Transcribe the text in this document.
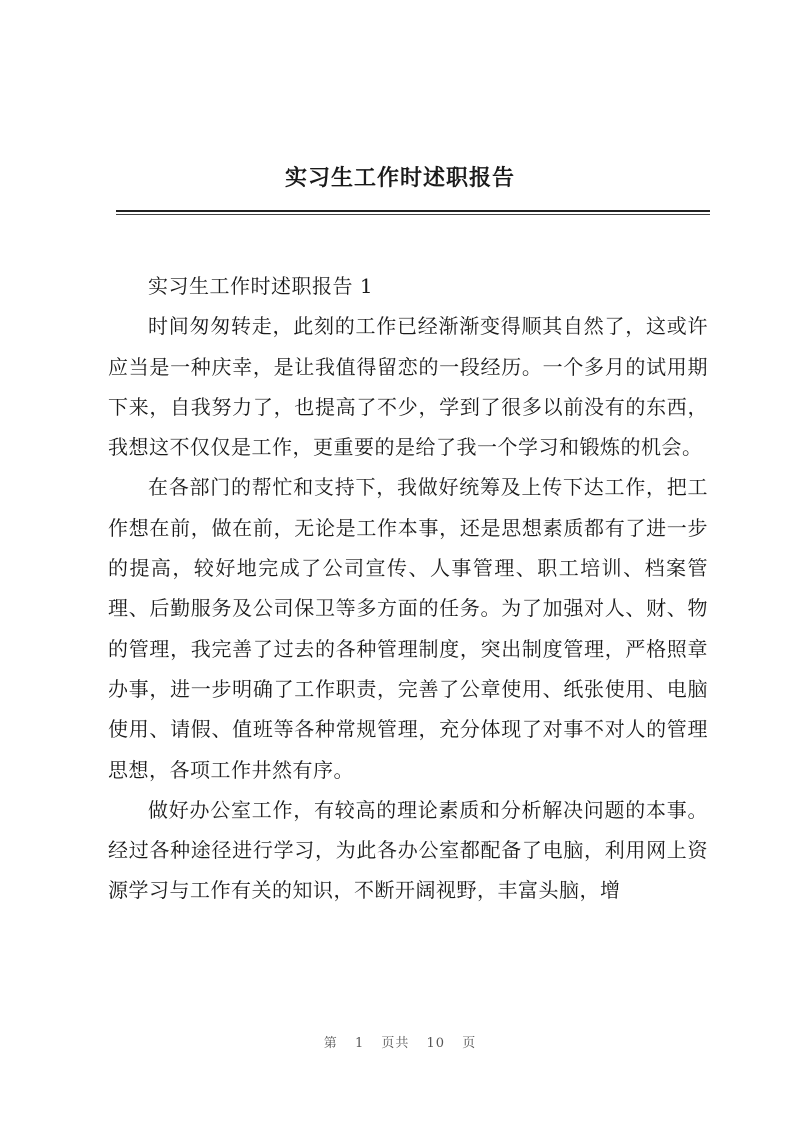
实习生工作时述职报告

实习生工作时述职报告 1

时间匆匆转走，此刻的工作已经渐渐变得顺其自然了，这或许应当是一种庆幸，是让我值得留恋的一段经历。一个多月的试用期下来，自我努力了，也提高了不少，学到了很多以前没有的东西，我想这不仅仅是工作，更重要的是给了我一个学习和锻炼的机会。

在各部门的帮忙和支持下，我做好统筹及上传下达工作，把工作想在前，做在前，无论是工作本事，还是思想素质都有了进一步的提高，较好地完成了公司宣传、人事管理、职工培训、档案管理、后勤服务及公司保卫等多方面的任务。为了加强对人、财、物的管理，我完善了过去的各种管理制度，突出制度管理，严格照章办事，进一步明确了工作职责，完善了公章使用、纸张使用、电脑使用、请假、值班等各种常规管理，充分体现了对事不对人的管理思想，各项工作井然有序。

做好办公室工作，有较高的理论素质和分析解决问题的本事。经过各种途径进行学习，为此各办公室都配备了电脑，利用网上资源学习与工作有关的知识，不断开阔视野，丰富头脑，增

第 1 页共 10 页
